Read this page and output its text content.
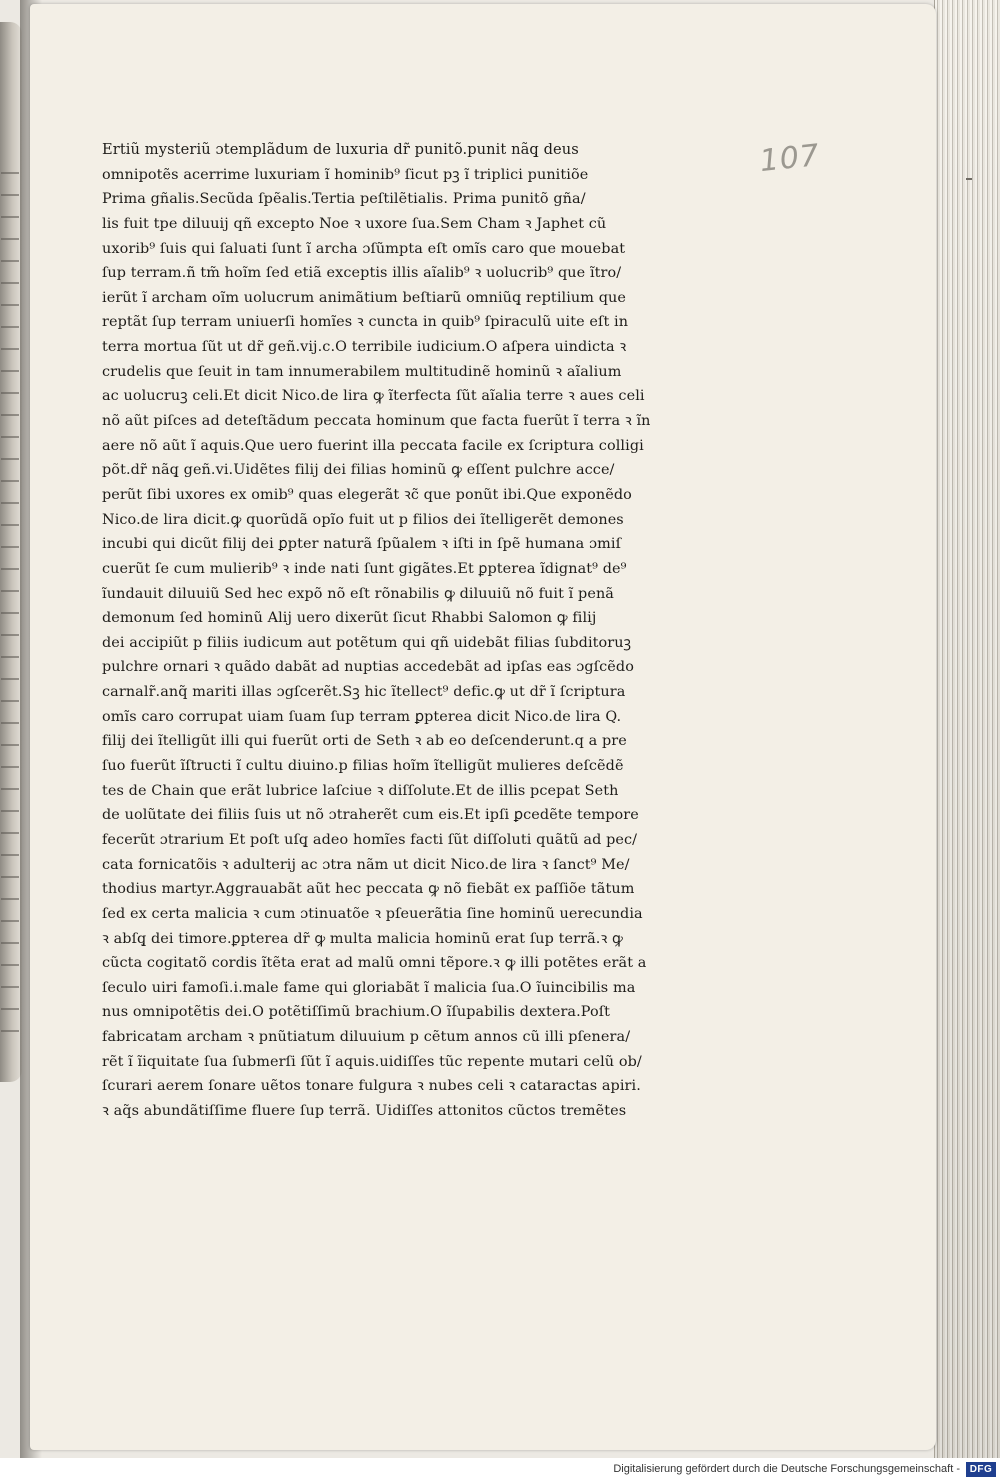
107
Ertiũ mysteriũ ɔtemplãdum de luxuria dr̃ punitõ.punit nãq̧ deus
omnipotẽs acerrime luxuriam ĩ hominib⁹ ſicut pꝫ ĩ triplici punitiõe
Prima gñalis.Secũda ſpẽalis.Tertia peſtilẽtialis. Prima punitõ gña/
lis fuit tpe diluuij qñ excepto Noe ꝛ uxore ſua.Sem Cham ꝛ Japhet cũ
uxorib⁹ ſuis qui ſaluati ſunt ĩ archa ɔſũmpta eſt omĩs caro que mouebat
ſup terram.ñ tm̃ hoĩm ſed etiã exceptis illis aĩalib⁹ ꝛ uolucrib⁹ que ĩtro/
ierũt ĩ archam oĩm uolucrum animãtium beſtiarũ omniũq̧ reptilium que
reptãt ſup terram uniuerſi homĩes ꝛ cuncta in quib⁹ ſpiraculũ uite eſt in
terra mortua ſũt ut dr̃ geñ.vij.c.O terribile iudicium.O aſpera uindicta ꝛ
crudelis que ſeuit in tam innumerabilem multitudinẽ hominũ ꝛ aĩalium
ac uolucruꝫ celi.Et dicit Nico.de lira ꝙ ĩterfecta ſũt aĩalia terre ꝛ aues celi
nõ aũt piſces ad deteſtãdum peccata hominum que facta fuerũt ĩ terra ꝛ ĩn
aere nõ aũt ĩ aquis.Que uero fuerint illa peccata facile ex ſcriptura colligi
põt.dr̃ nãq̧ geñ.vi.Uidẽtes filij dei filias hominũ ꝙ eſſent pulchre acce/
perũt ſibi uxores ex omib⁹ quas elegerãt ꝛc̃ que ponũt ibi.Que exponẽdo
Nico.de lira dicit.ꝙ quorũdã opĩo fuit ut p filios dei ĩtelligerẽt demones
incubi qui dicũt filij dei ꝑpter naturã ſpũalem ꝛ iſti in ſpẽ humana ɔmiſ
cuerũt ſe cum mulierib⁹ ꝛ inde nati ſunt gigãtes.Et ꝑpterea ĩdignat⁹ de⁹
ĩundauit diluuiũ Sed hec expõ nõ eſt rõnabilis ꝙ diluuiũ nõ fuit ĩ penã
demonum ſed hominũ Alij uero dixerũt ſicut Rhabbi Salomon ꝙ filij
dei accipiũt p filiis iudicum aut potẽtum qui qñ uidebãt filias ſubditoruꝫ
pulchre ornari ꝛ quãdo dabãt ad nuptias accedebãt ad ipſas eas ɔgſcẽdo
carnalr̃.anq̃ mariti illas ɔgſcerẽt.Sꝫ hic ĩtellect⁹ defic.ꝙ ut dr̃ ĩ ſcriptura
omĩs caro corrupat uiam ſuam ſup terram ꝑpterea dicit Nico.de lira Q.
filij dei ĩtelligũt illi qui fuerũt orti de Seth ꝛ ab eo deſcenderunt.q a pre
ſuo fuerũt ĩſtructi ĩ cultu diuino.p filias hoĩm ĩtelligũt mulieres deſcẽdẽ
tes de Chain que erãt lubrice laſciue ꝛ diſſolute.Et de illis pcepat Seth
de uolũtate dei filiis ſuis ut nõ ɔtraherẽt cum eis.Et ipſi ꝑcedẽte tempore
fecerũt ɔtrarium Et poſt uſq̧ adeo homĩes facti ſũt diſſoluti quãtũ ad pec/
cata fornicatõis ꝛ adulterij ac ɔtra nãm ut dicit Nico.de lira ꝛ ſanct⁹ Me/
thodius martyr.Aggrauabãt aũt hec peccata ꝙ nõ fiebãt ex paſſiõe tãtum
ſed ex certa malicia ꝛ cum ɔtinuatõe ꝛ pſeuerãtia ſine hominũ uerecundia
ꝛ abſq̧ dei timore.ꝑpterea dr̃ ꝙ multa malicia hominũ erat ſup terrã.ꝛ ꝙ
cũcta cogitatõ cordis ĩtẽta erat ad malũ omni tẽpore.ꝛ ꝙ illi potẽtes erãt a
ſeculo uiri famoſi.i.male fame qui gloriabãt ĩ malicia ſua.O ĩuincibilis ma
nus omnipotẽtis dei.O potẽtiſſimũ brachium.O ĩſupabilis dextera.Poſt
fabricatam archam ꝛ pnũtiatum diluuium p cẽtum annos cũ illi pſenera/
rẽt ĩ ĩiquitate ſua ſubmerſi ſũt ĩ aquis.uidiſſes tũc repente mutari celũ ob/
ſcurari aerem ſonare uẽtos tonare fulgura ꝛ nubes celi ꝛ cataractas apiri.
ꝛ aq̃s abundãtiſſime fluere ſup terrã. Uidiſſes attonitos cũctos tremẽtes
Digitalisierung gefördert durch die Deutsche Forschungsgemeinschaft - DFG
